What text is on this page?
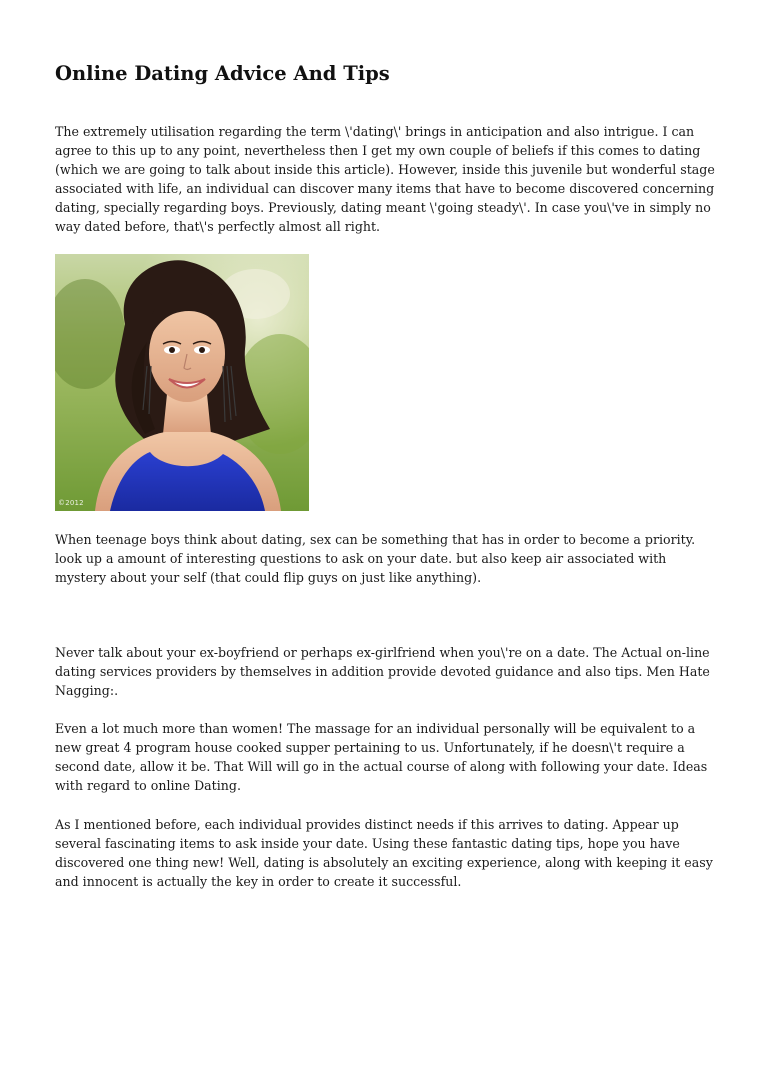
Online Dating Advice And Tips

The extremely utilisation regarding the term \'dating\' brings in anticipation and also intrigue. I can agree to this up to any point, nevertheless then I get my own couple of beliefs if this comes to dating (which we are going to talk about inside this article). However, inside this juvenile but wonderful stage associated with life, an individual can discover many items that have to become discovered concerning dating, specially regarding boys. Previously, dating meant \'going steady\'. In case you\'ve in simply no way dated before, that\'s perfectly almost all right.

©2012

When teenage boys think about dating, sex can be something that has in order to become a priority. look up a amount of interesting questions to ask on your date. but also keep air associated with mystery about your self (that could flip guys on just like anything).

Never talk about your ex-boyfriend or perhaps ex-girlfriend when you\'re on a date. The Actual on-line dating services providers by themselves in addition provide devoted guidance and also tips. Men Hate Nagging:.

Even a lot much more than women! The massage for an individual personally will be equivalent to a new great 4 program house cooked supper pertaining to us. Unfortunately, if he doesn\'t require a second date, allow it be. That Will will go in the actual course of along with following your date. Ideas with regard to online Dating.

As I mentioned before, each individual provides distinct needs if this arrives to dating. Appear up several fascinating items to ask inside your date. Using these fantastic dating tips, hope you have discovered one thing new! Well, dating is absolutely an exciting experience, along with keeping it easy and innocent is actually the key in order to create it successful.
